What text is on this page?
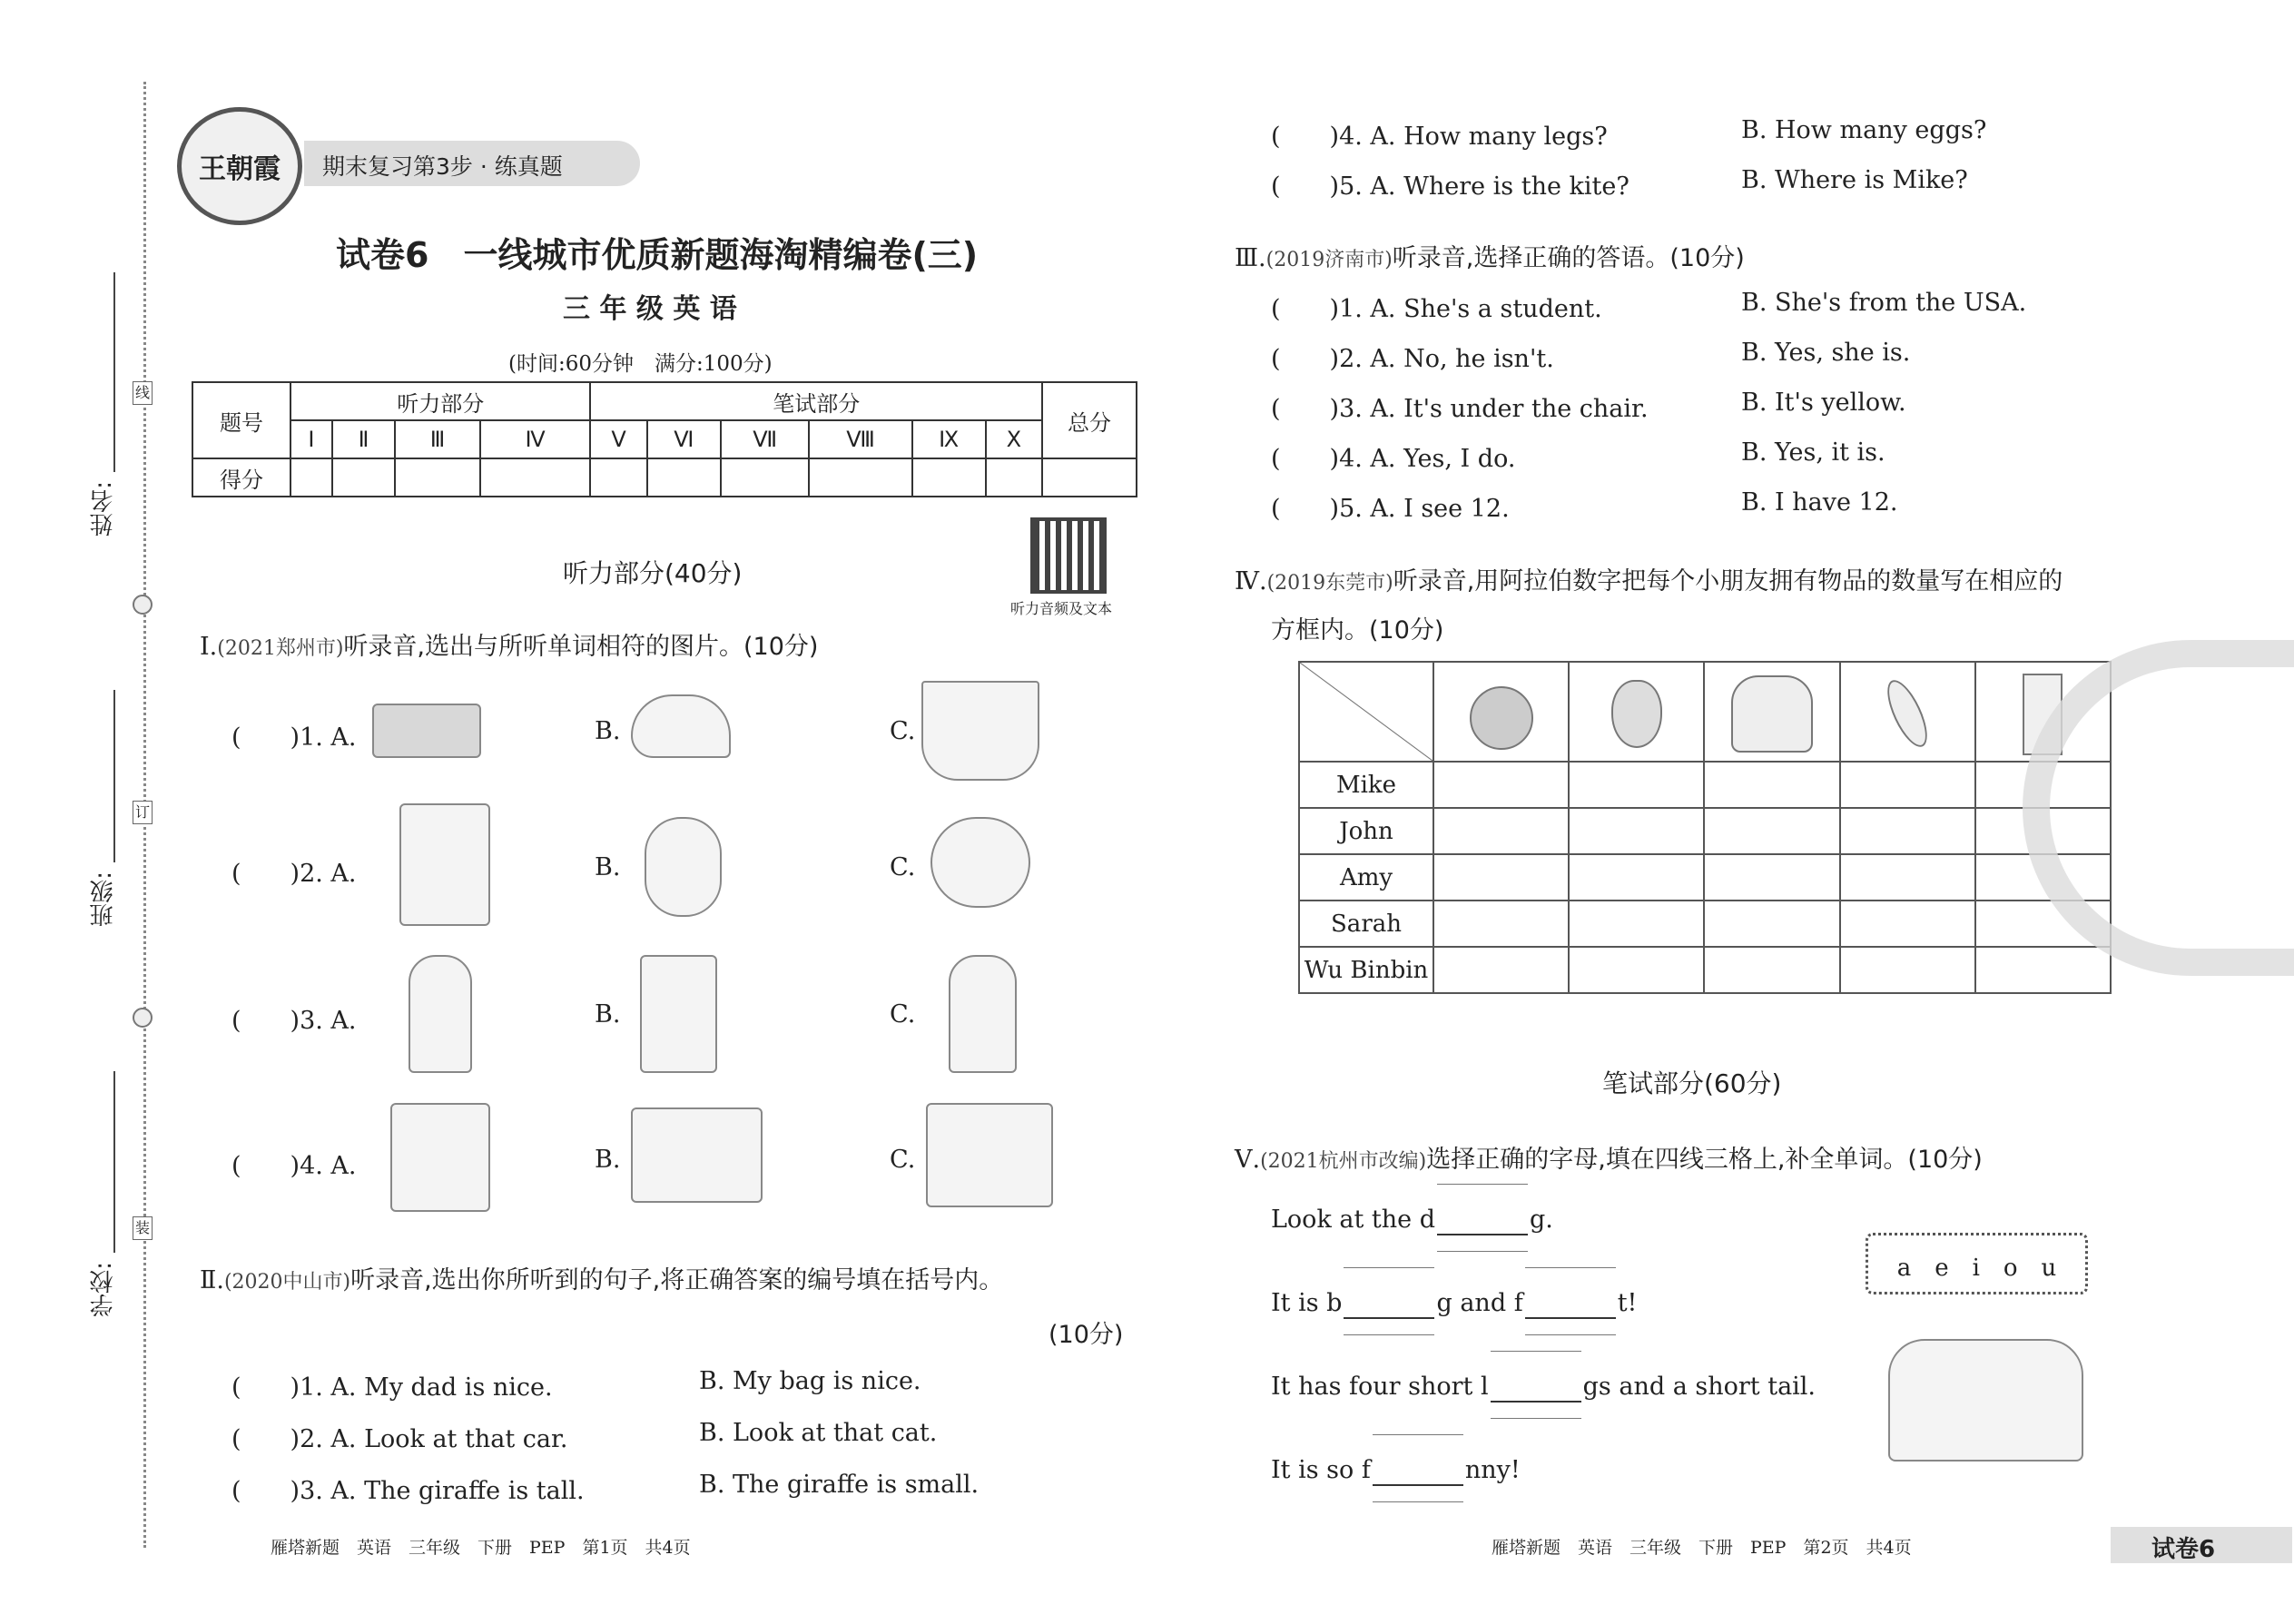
学校:
班级:
姓名:
线
订
装
王朝霞	期末复习第3步 · 练真题
试卷6　一线城市优质新题海淘精编卷(三)
三 年 级 英 语
(时间:60分钟　满分:100分)
题号	听力部分				笔试部分						总分
	Ⅰ	Ⅱ	Ⅲ	Ⅳ	Ⅴ	Ⅵ	Ⅶ	Ⅷ	Ⅸ	Ⅹ	
得分											
听力音频及文本
听力部分(40分)
Ⅰ.(2021郑州市)听录音,选出与所听单词相符的图片。(10分)
(　　)1. A.	B.	C.
(　　)2. A.	B.	C.
(　　)3. A.	B.	C.
(　　)4. A.	B.	C.
Ⅱ.(2020中山市)听录音,选出你所听到的句子,将正确答案的编号填在括号内。
(10分)
(　　)1. A. My dad is nice.	B. My bag is nice.
(　　)2. A. Look at that car.	B. Look at that cat.
(　　)3. A. The giraffe is tall.	B. The giraffe is small.
雁塔新题　英语　三年级　下册　PEP　第1页　共4页
(　　)4. A. How many legs?	B. How many eggs?
(　　)5. A. Where is the kite?	B. Where is Mike?
Ⅲ.(2019济南市)听录音,选择正确的答语。(10分)
(　　)1. A. She's a student.	B. She's from the USA.
(　　)2. A. No, he isn't.	B. Yes, she is.
(　　)3. A. It's under the chair.	B. It's yellow.
(　　)4. A. Yes, I do.	B. Yes, it is.
(　　)5. A. I see 12.	B. I have 12.
Ⅳ.(2019东莞市)听录音,用阿拉伯数字把每个小朋友拥有物品的数量写在相应的
方框内。(10分)

Mike					
John					
Amy					
Sarah					
Wu Binbin					
笔试部分(60分)
Ⅴ.(2021杭州市改编)选择正确的字母,填在四线三格上,补全单词。(10分)
Look at the d	g.
It is b	g and f	t!
It has four short l	gs and a short tail.
It is so f	nny!
a　e　i　o　u
雁塔新题　英语　三年级　下册　PEP　第2页　共4页	试卷6
